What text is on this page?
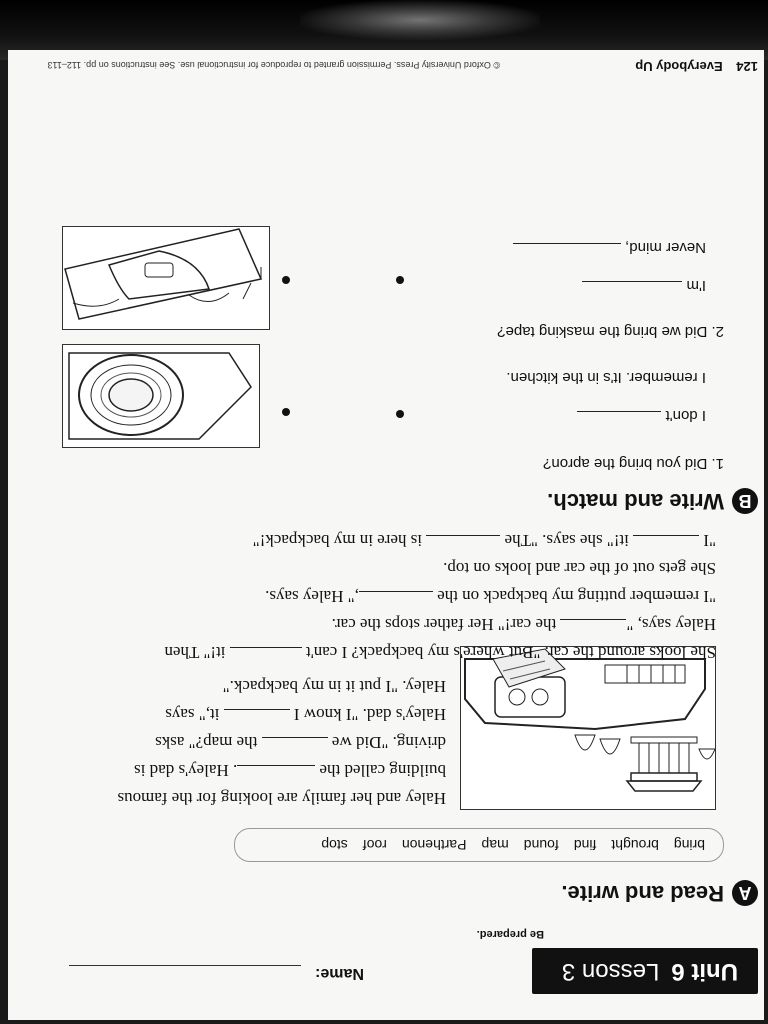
Unit 6
Lesson 3
Name:
Be prepared.
A
Read and write.
bring
brought
find
found
map
Parthenon
roof
stop

Haley and her family are looking for the famous

building called the . Haley's dad is

driving. "Did we  the map?" asks

Haley's dad. "I know I  it," says

Haley. "I put it in my backpack."

She looks around the car. "But where's my backpack? I can't  it!" Then

Haley says, " the car!" Her father stops the car.

"I remember putting my backpack on the ," Haley says.

She gets out of the car and looks on top.

"I  it!" she says. "The  is here in my backpack!"

B
Write and match.

1. Did you bring the apron?

I don't

I remember. It's in the kitchen.

2. Did we bring the masking tape?

I'm

Never mind,

124 Everybody Up
© Oxford University Press. Permission granted to reproduce for instructional use. See instructions on pp. 112–113
